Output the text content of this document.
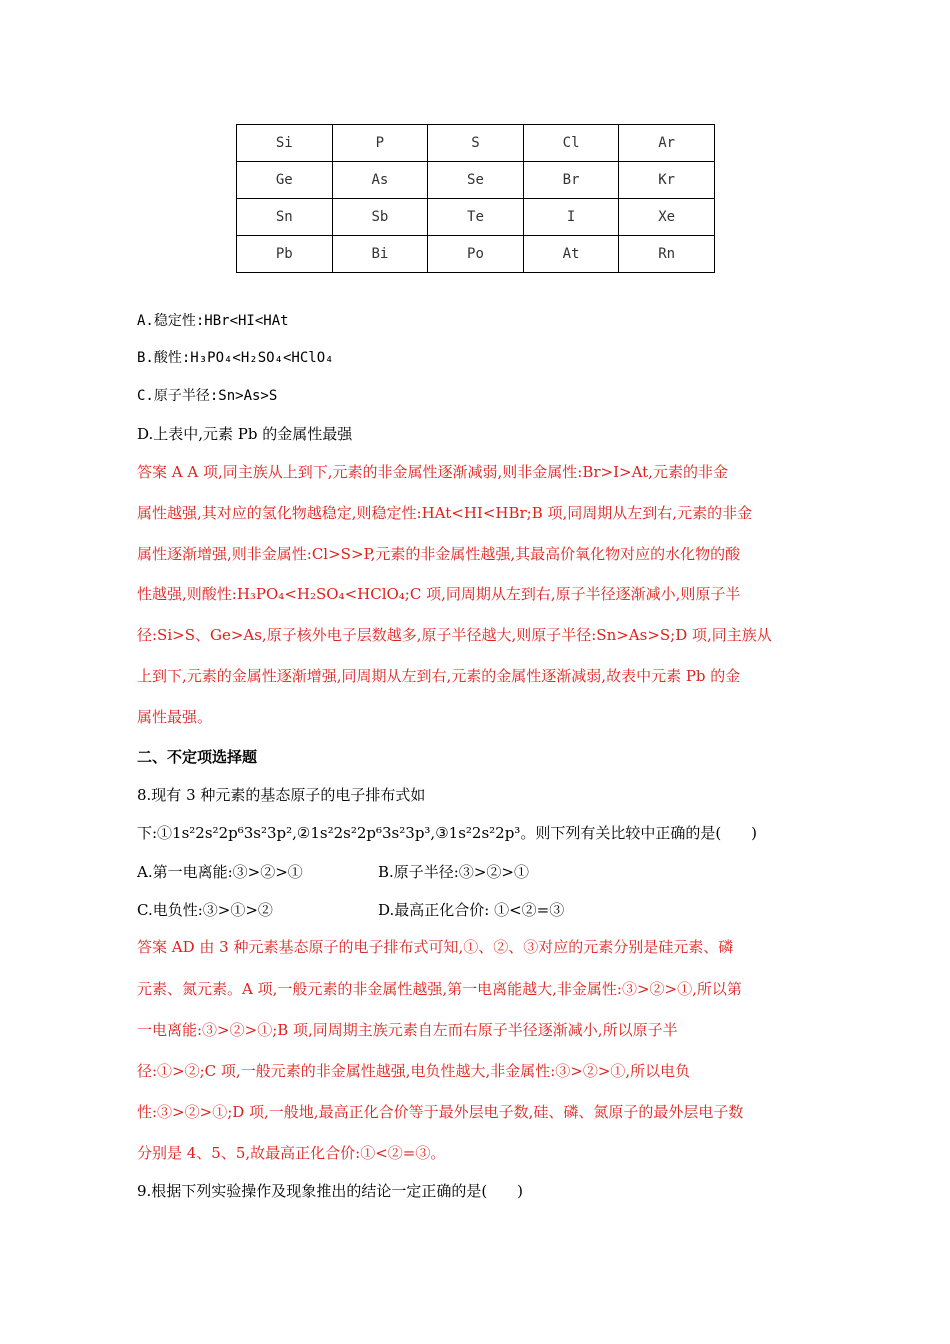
Si	P	S	Cl	Ar
Ge	As	Se	Br	Kr
Sn	Sb	Te	I	Xe
Pb	Bi	Po	At	Rn
A.稳定性:HBr<HI<HAt
B.酸性:H₃PO₄<H₂SO₄<HClO₄
C.原子半径:Sn>As>S
D.上表中,元素 Pb 的金属性最强
答案 A A 项,同主族从上到下,元素的非金属性逐渐减弱,则非金属性:Br>I>At,元素的非金
属性越强,其对应的氢化物越稳定,则稳定性:HAt<HI<HBr;B 项,同周期从左到右,元素的非金
属性逐渐增强,则非金属性:Cl>S>P,元素的非金属性越强,其最高价氧化物对应的水化物的酸
性越强,则酸性:H₃PO₄<H₂SO₄<HClO₄;C 项,同周期从左到右,原子半径逐渐减小,则原子半
径:Si>S、Ge>As,原子核外电子层数越多,原子半径越大,则原子半径:Sn>As>S;D 项,同主族从
上到下,元素的金属性逐渐增强,同周期从左到右,元素的金属性逐渐减弱,故表中元素 Pb 的金
属性最强。
二、不定项选择题
8.现有 3 种元素的基态原子的电子排布式如
下:①1s²2s²2p⁶3s²3p²,②1s²2s²2p⁶3s²3p³,③1s²2s²2p³。则下列有关比较中正确的是(　　)
A.第一电离能:③>②>①	B.原子半径:③>②>①
C.电负性:③>①>②	D.最高正化合价: ①<②=③
答案 AD 由 3 种元素基态原子的电子排布式可知,①、②、③对应的元素分别是硅元素、磷
元素、氮元素。A 项,一般元素的非金属性越强,第一电离能越大,非金属性:③>②>①,所以第
一电离能:③>②>①;B 项,同周期主族元素自左而右原子半径逐渐减小,所以原子半
径:①>②;C 项,一般元素的非金属性越强,电负性越大,非金属性:③>②>①,所以电负
性:③>②>①;D 项,一般地,最高正化合价等于最外层电子数,硅、磷、氮原子的最外层电子数
分别是 4、5、5,故最高正化合价:①<②=③。
9.根据下列实验操作及现象推出的结论一定正确的是(　　)
